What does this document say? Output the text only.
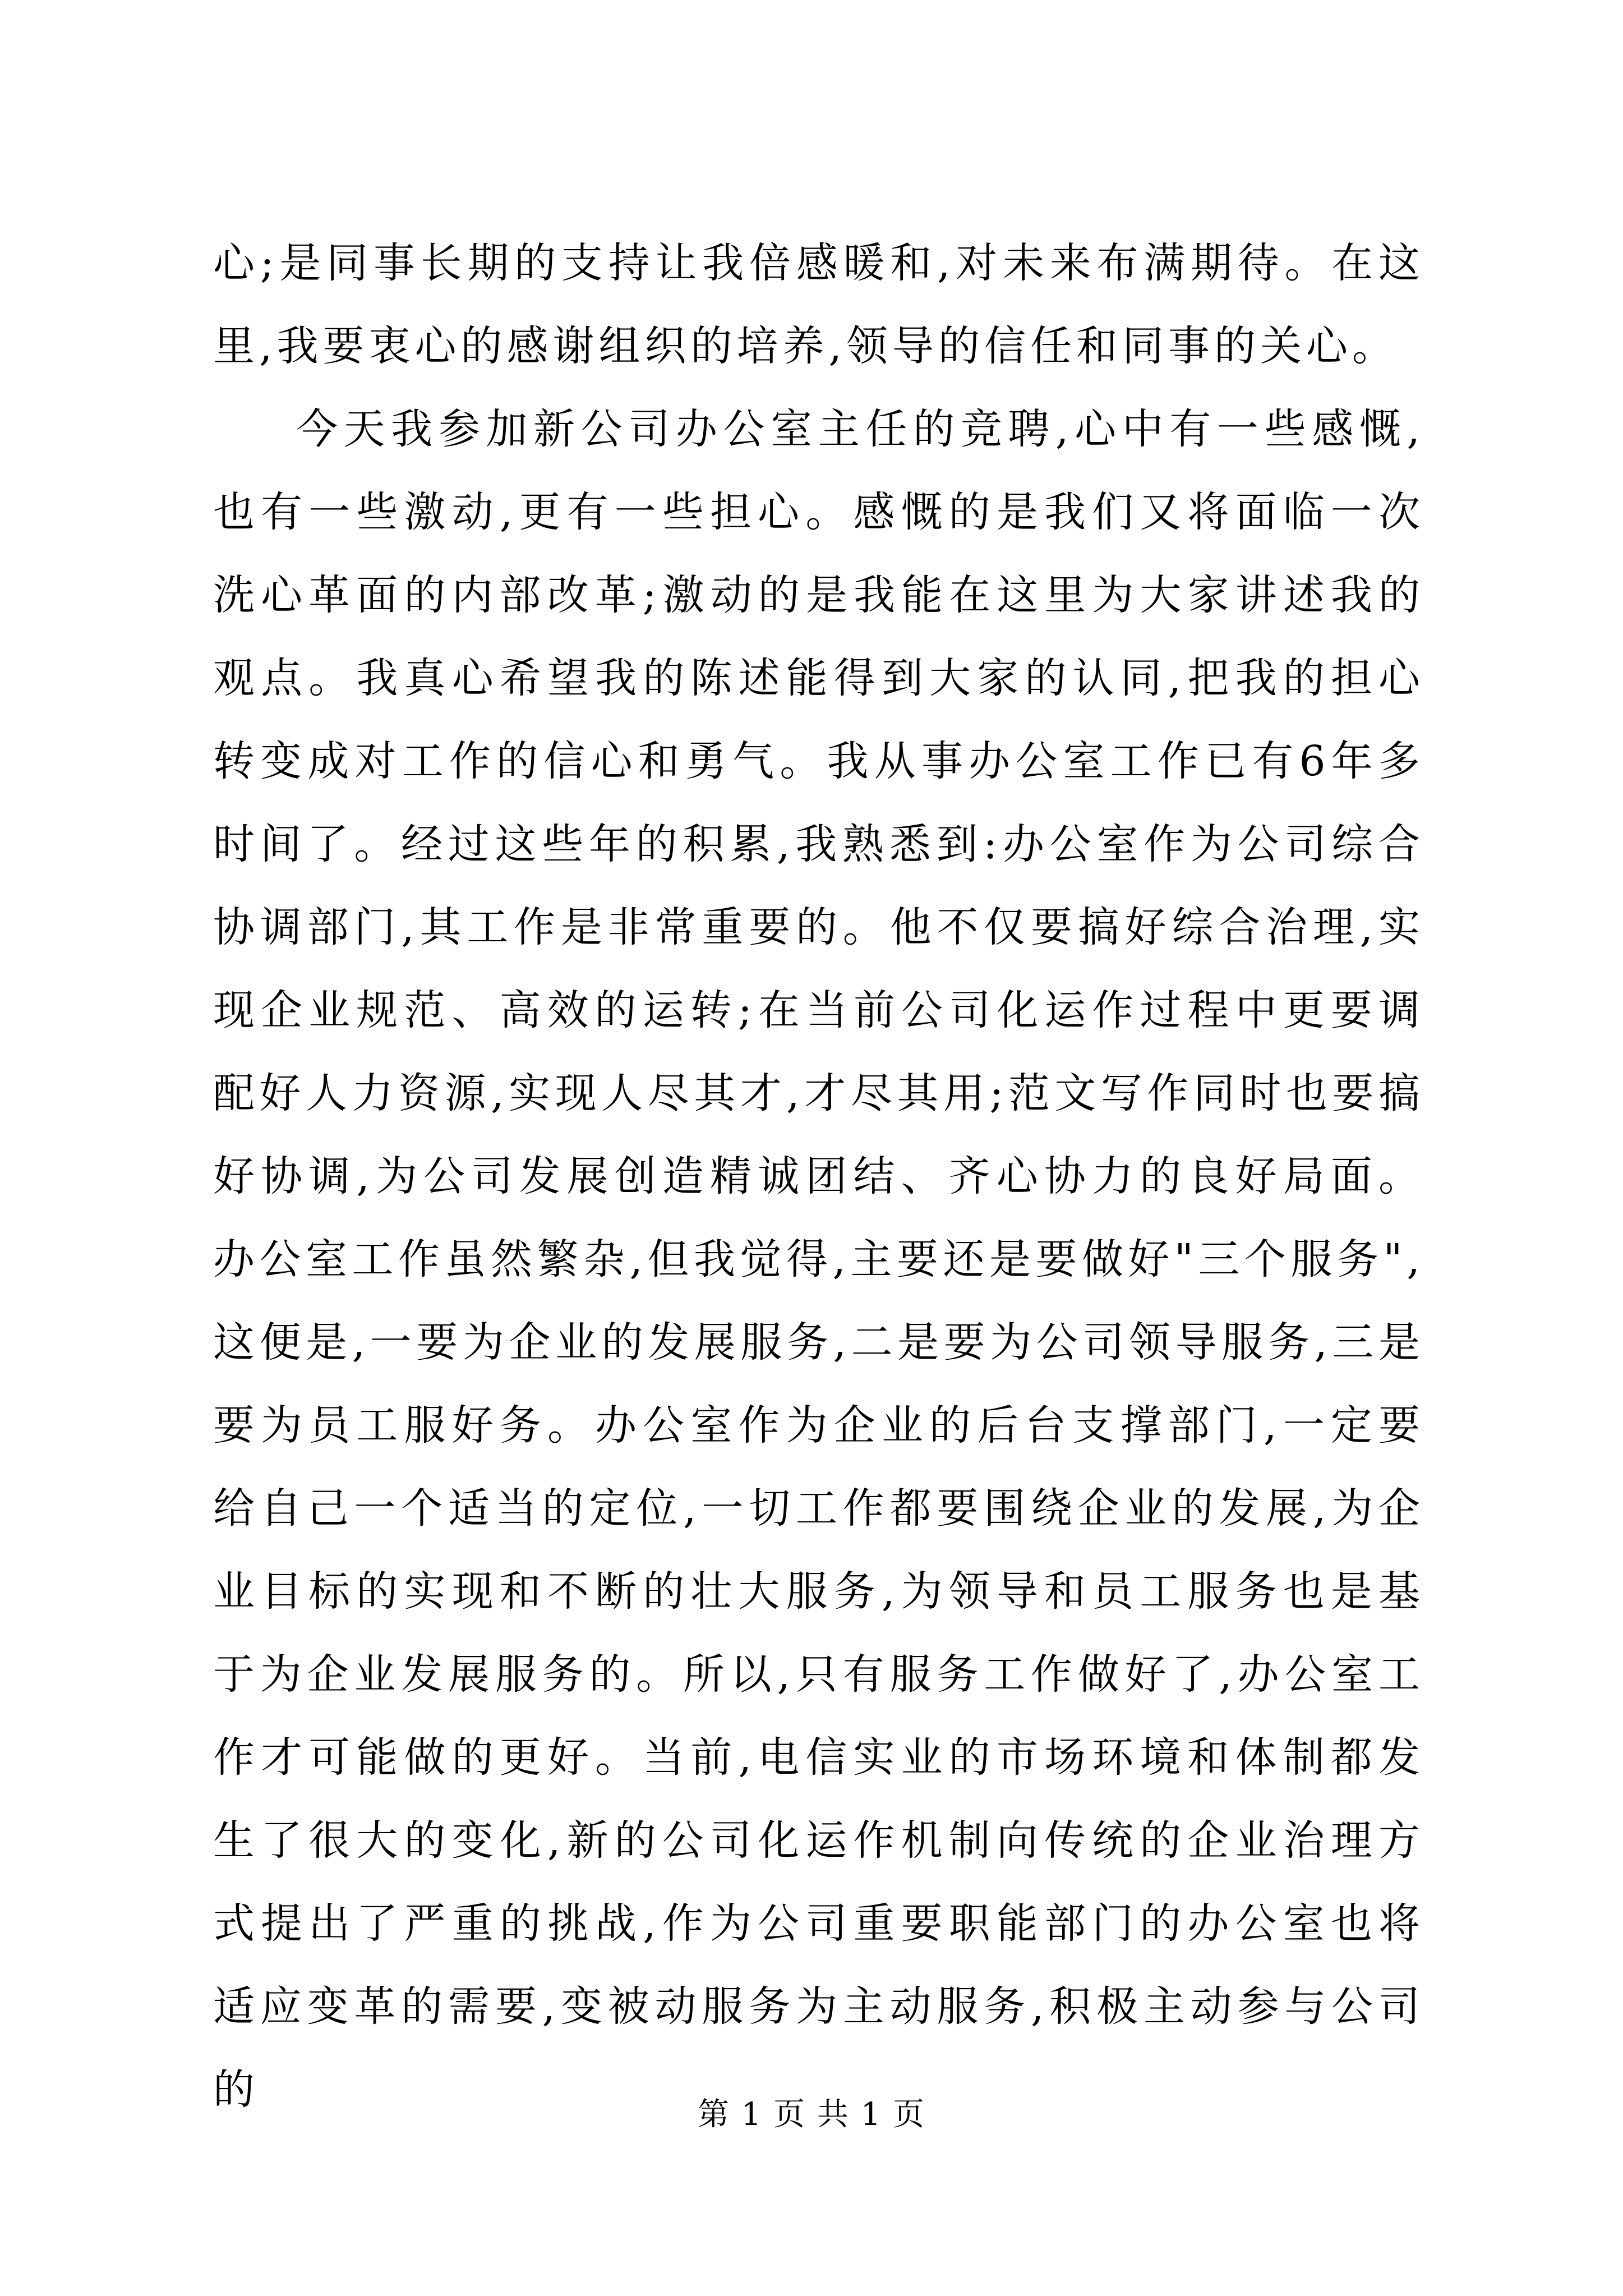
心;是同事长期的支持让我倍感暖和,对未来布满期待。在这里,我要衷心的感谢组织的培养,领导的信任和同事的关心。

今天我参加新公司办公室主任的竞聘,心中有一些感慨,也有一些激动,更有一些担心。感慨的是我们又将面临一次洗心革面的内部改革;激动的是我能在这里为大家讲述我的观点。我真心希望我的陈述能得到大家的认同,把我的担心转变成对工作的信心和勇气。我从事办公室工作已有6年多时间了。经过这些年的积累,我熟悉到:办公室作为公司综合协调部门,其工作是非常重要的。他不仅要搞好综合治理,实现企业规范、高效的运转;在当前公司化运作过程中更要调配好人力资源,实现人尽其才,才尽其用;范文写作同时也要搞好协调,为公司发展创造精诚团结、齐心协力的良好局面。办公室工作虽然繁杂,但我觉得,主要还是要做好"三个服务",这便是,一要为企业的发展服务,二是要为公司领导服务,三是要为员工服好务。办公室作为企业的后台支撑部门,一定要给自己一个适当的定位,一切工作都要围绕企业的发展,为企业目标的实现和不断的壮大服务,为领导和员工服务也是基于为企业发展服务的。所以,只有服务工作做好了,办公室工作才可能做的更好。当前,电信实业的市场环境和体制都发生了很大的变化,新的公司化运作机制向传统的企业治理方式提出了严重的挑战,作为公司重要职能部门的办公室也将适应变革的需要,变被动服务为主动服务,积极主动参与公司的

第 1 页 共 1 页
